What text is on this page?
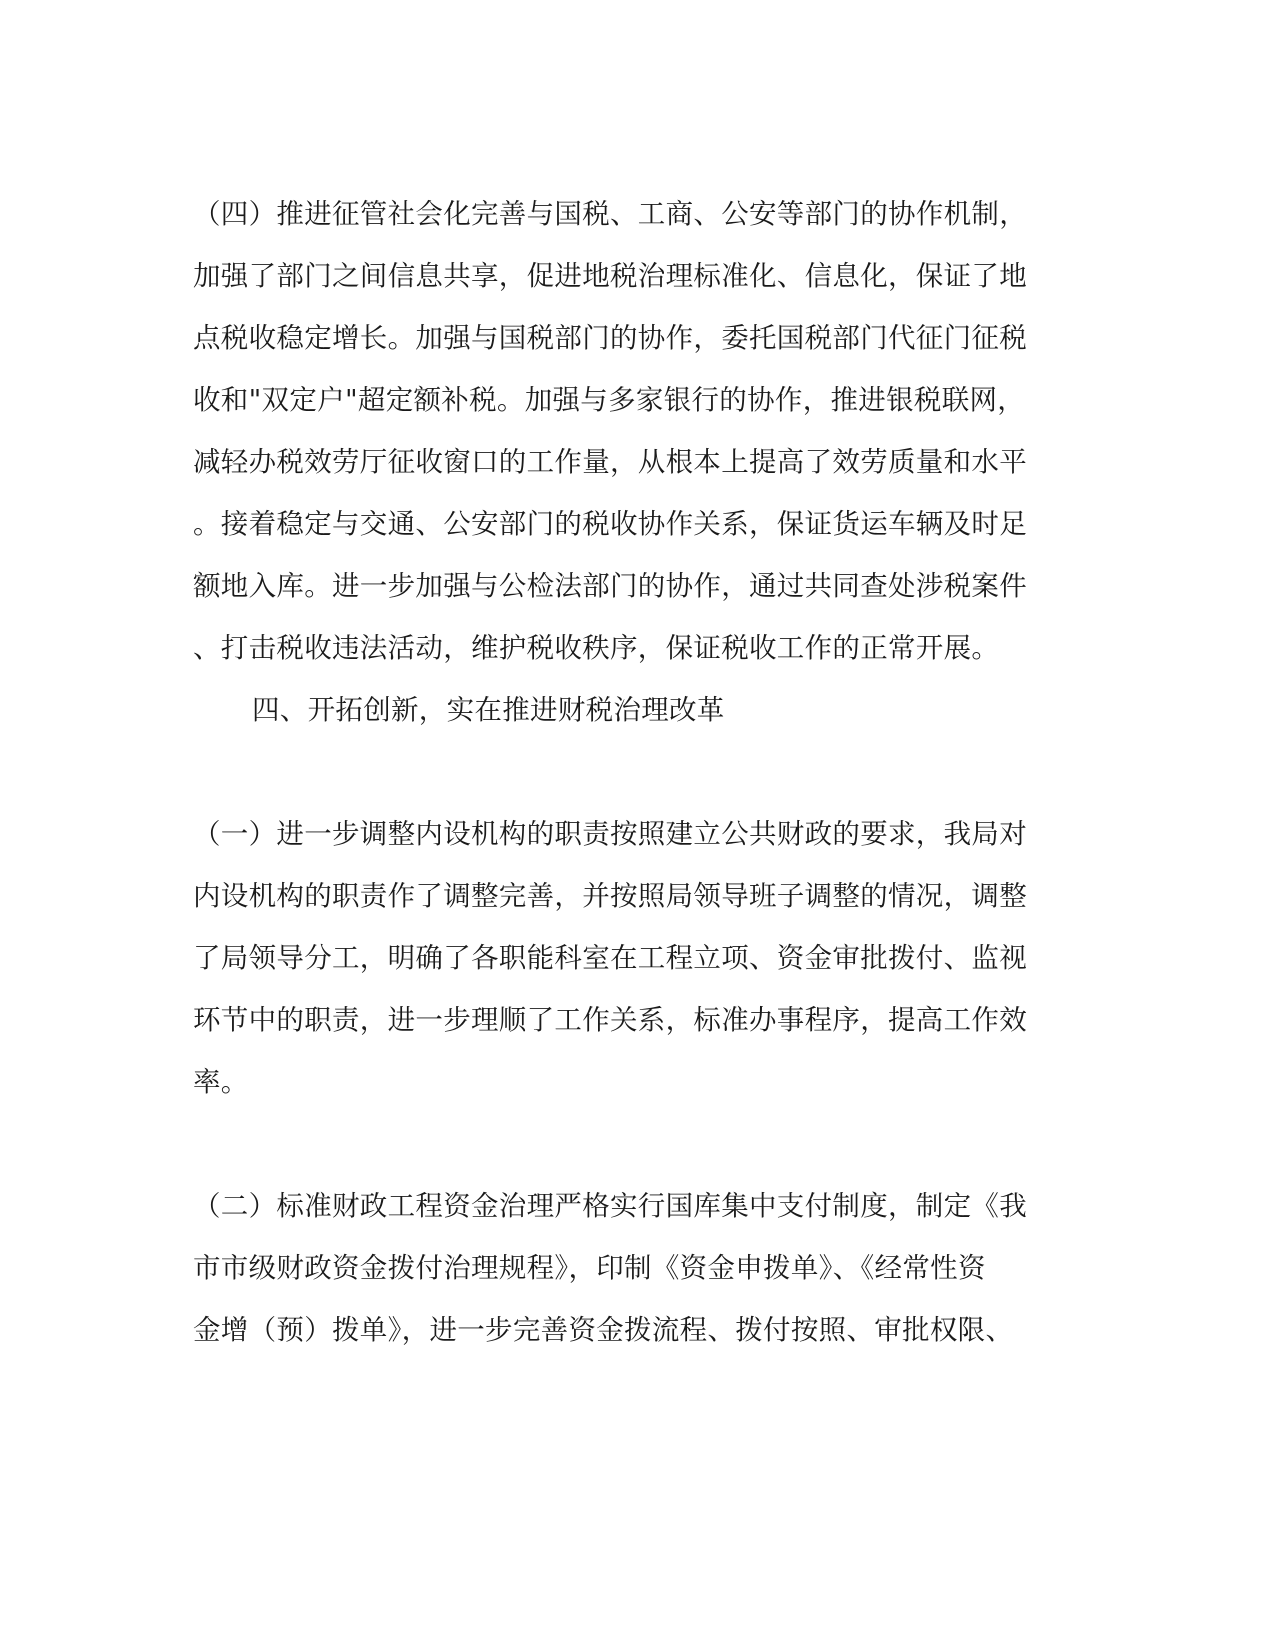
（四）推进征管社会化完善与国税、工商、公安等部门的协作机制，
加强了部门之间信息共享，促进地税治理标准化、信息化，保证了地
点税收稳定增长。加强与国税部门的协作，委托国税部门代征门征税
收和"双定户"超定额补税。加强与多家银行的协作，推进银税联网，
减轻办税效劳厅征收窗口的工作量，从根本上提高了效劳质量和水平
。接着稳定与交通、公安部门的税收协作关系，保证货运车辆及时足
额地入库。进一步加强与公检法部门的协作，通过共同查处涉税案件
、打击税收违法活动，维护税收秩序，保证税收工作的正常开展。
四、开拓创新，实在推进财税治理改革
（一）进一步调整内设机构的职责按照建立公共财政的要求，我局对
内设机构的职责作了调整完善，并按照局领导班子调整的情况，调整
了局领导分工，明确了各职能科室在工程立项、资金审批拨付、监视
环节中的职责，进一步理顺了工作关系，标准办事程序，提高工作效
率。
（二）标准财政工程资金治理严格实行国库集中支付制度，制定《我
市市级财政资金拨付治理规程》，印制《资金申拨单》、《经常性资
金增（预）拨单》，进一步完善资金拨流程、拨付按照、审批权限、
